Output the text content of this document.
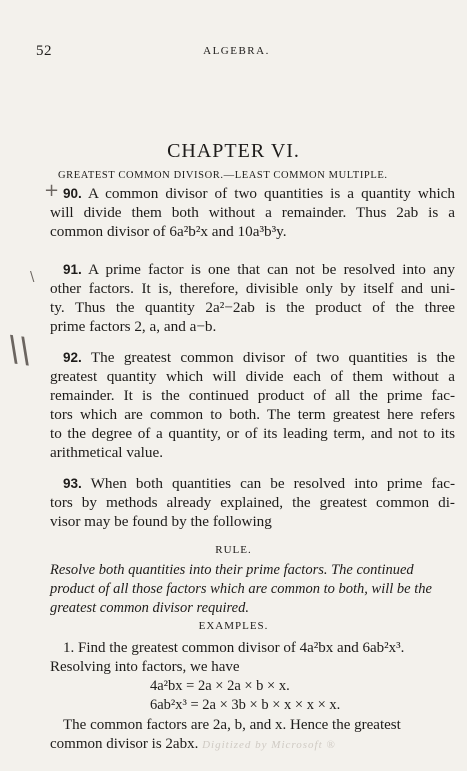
52	ALGEBRA.
CHAPTER VI.
GREATEST COMMON DIVISOR.—LEAST COMMON MULTIPLE.
+
\
\\
90. A common divisor of two quantities is a quantity which
will divide them both without a remainder. Thus 2ab is a
common divisor of 6a²b²x and 10a³b³y.
91. A prime factor is one that can not be resolved into any
other factors. It is, therefore, divisible only by itself and uni-
ty. Thus the quantity 2a²−2ab is the product of the three
prime factors 2, a, and a−b.
92. The greatest common divisor of two quantities is the
greatest quantity which will divide each of them without a
remainder. It is the continued product of all the prime fac-
tors which are common to both. The term greatest here refers
to the degree of a quantity, or of its leading term, and not to its
arithmetical value.
93. When both quantities can be resolved into prime fac-
tors by methods already explained, the greatest common di-
visor may be found by the following
RULE.
Resolve both quantities into their prime factors. The continued product of all those factors which are common to both, will be the greatest common divisor required.
EXAMPLES.
1. Find the greatest common divisor of 4a²bx and 6ab²x³.
Resolving into factors, we have
4a²bx = 2a × 2a × b × x.
6ab²x³ = 2a × 3b × b × x × x × x.
The common factors are 2a, b, and x. Hence the greatest
common divisor is 2abx. Digitized by Microsoft ®
